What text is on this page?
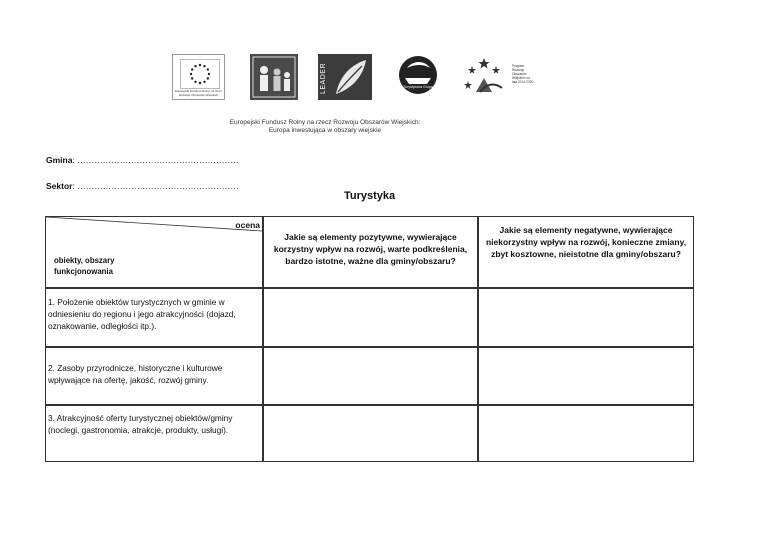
Europejski Fundusz Rolny na rzecz Rozwoju Obszarów Wiejskich
LEADER	LGD
Turystyczna Grupa
Program Rozwoju Obszarów Wiejskich na lata 2014-2020
Europejski Fundusz Rolny na rzecz Rozwoju Obszarów Wiejskich:
Europa inwestująca w obszary wiejskie
Gmina: …………………………………………………
Sektor: …………………………………………………
Turystyka
ocena
obiekty, obszary
funkcjonowania
Jakie są elementy pozytywne, wywierające korzystny wpływ na rozwój, warte podkreślenia, bardzo istotne, ważne dla gminy/obszaru?
Jakie są elementy negatywne, wywierające niekorzystny wpływ na rozwój, konieczne zmiany, zbyt kosztowne, nieistotne dla gminy/obszaru?
1. Położenie obiektów turystycznych w gminie w odniesieniu do regionu i jego atrakcyjności (dojazd, oznakowanie, odległości itp.).
2. Zasoby przyrodnicze, historyczne i kulturowe wpływające na ofertę, jakość, rozwój gminy.
3. Atrakcyjność oferty turystycznej obiektów/gminy (noclegi, gastronomia, atrakcje, produkty, usługi).
